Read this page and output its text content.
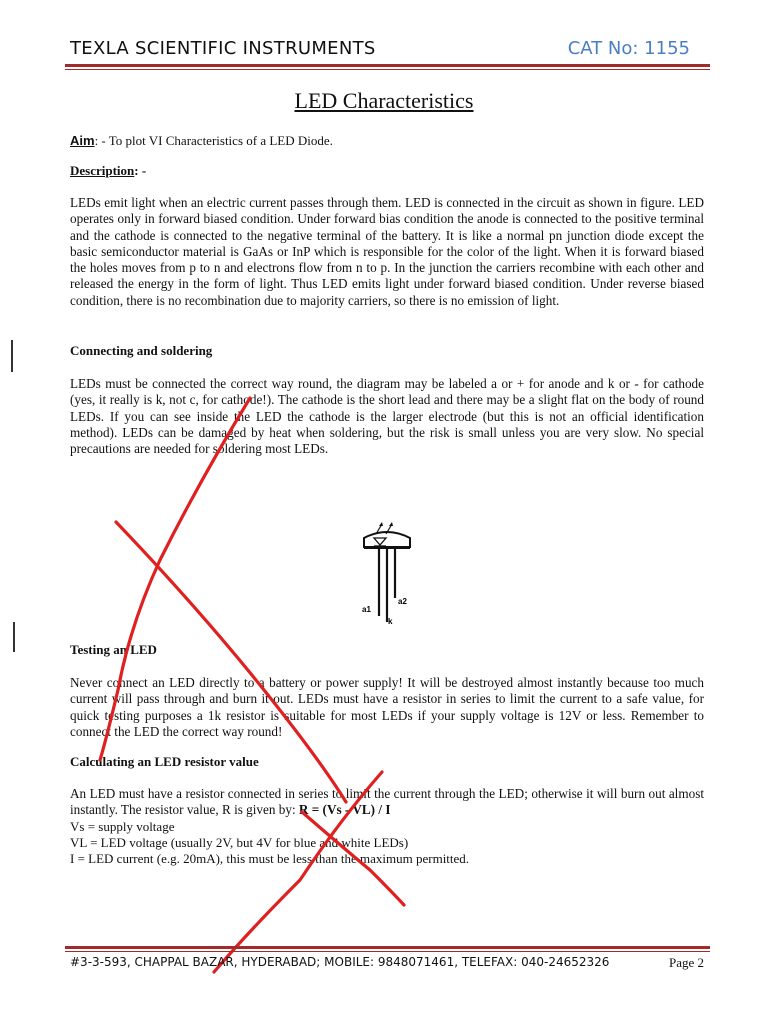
TEXLA SCIENTIFIC INSTRUMENTS	CAT No: 1155
LED Characteristics
Aim: - To plot VI Characteristics of a LED Diode.
Description: -
LEDs emit light when an electric current passes through them. LED is connected in the circuit as shown in figure. LED operates only in forward biased condition. Under forward bias condition the anode is connected to the positive terminal and the cathode is connected to the negative terminal of the battery. It is like a normal pn junction diode except the basic semiconductor material is GaAs or InP which is responsible for the color of the light. When it is forward biased the holes moves from p to n and electrons flow from n to p. In the junction the carriers recombine with each other and released the energy in the form of light. Thus LED emits light under forward biased condition. Under reverse biased condition, there is no recombination due to majority carriers, so there is no emission of light.
Connecting and soldering
LEDs must be connected the correct way round, the diagram may be labeled a or + for anode and k or - for cathode (yes, it really is k, not c, for cathode!). The cathode is the short lead and there may be a slight flat on the body of round LEDs. If you can see inside the LED the cathode is the larger electrode (but this is not an official identification method). LEDs can be damaged by heat when soldering, but the risk is small unless you are very slow. No special precautions are needed for soldering most LEDs.
a1
a2
k
Testing an LED
Never connect an LED directly to a battery or power supply! It will be destroyed almost instantly because too much current will pass through and burn it out. LEDs must have a resistor in series to limit the current to a safe value, for quick testing purposes a 1k resistor is suitable for most LEDs if your supply voltage is 12V or less. Remember to connect the LED the correct way round!
Calculating an LED resistor value
An LED must have a resistor connected in series to limit the current through the LED; otherwise it will burn out almost instantly. The resistor value, R is given by: R = (Vs - VL) / I
Vs = supply voltage
VL = LED voltage (usually 2V, but 4V for blue and white LEDs)
I = LED current (e.g. 20mA), this must be less than the maximum permitted.
#3-3-593, CHAPPAL BAZAR, HYDERABAD; MOBILE: 9848071461, TELEFAX: 040-24652326	Page 2
